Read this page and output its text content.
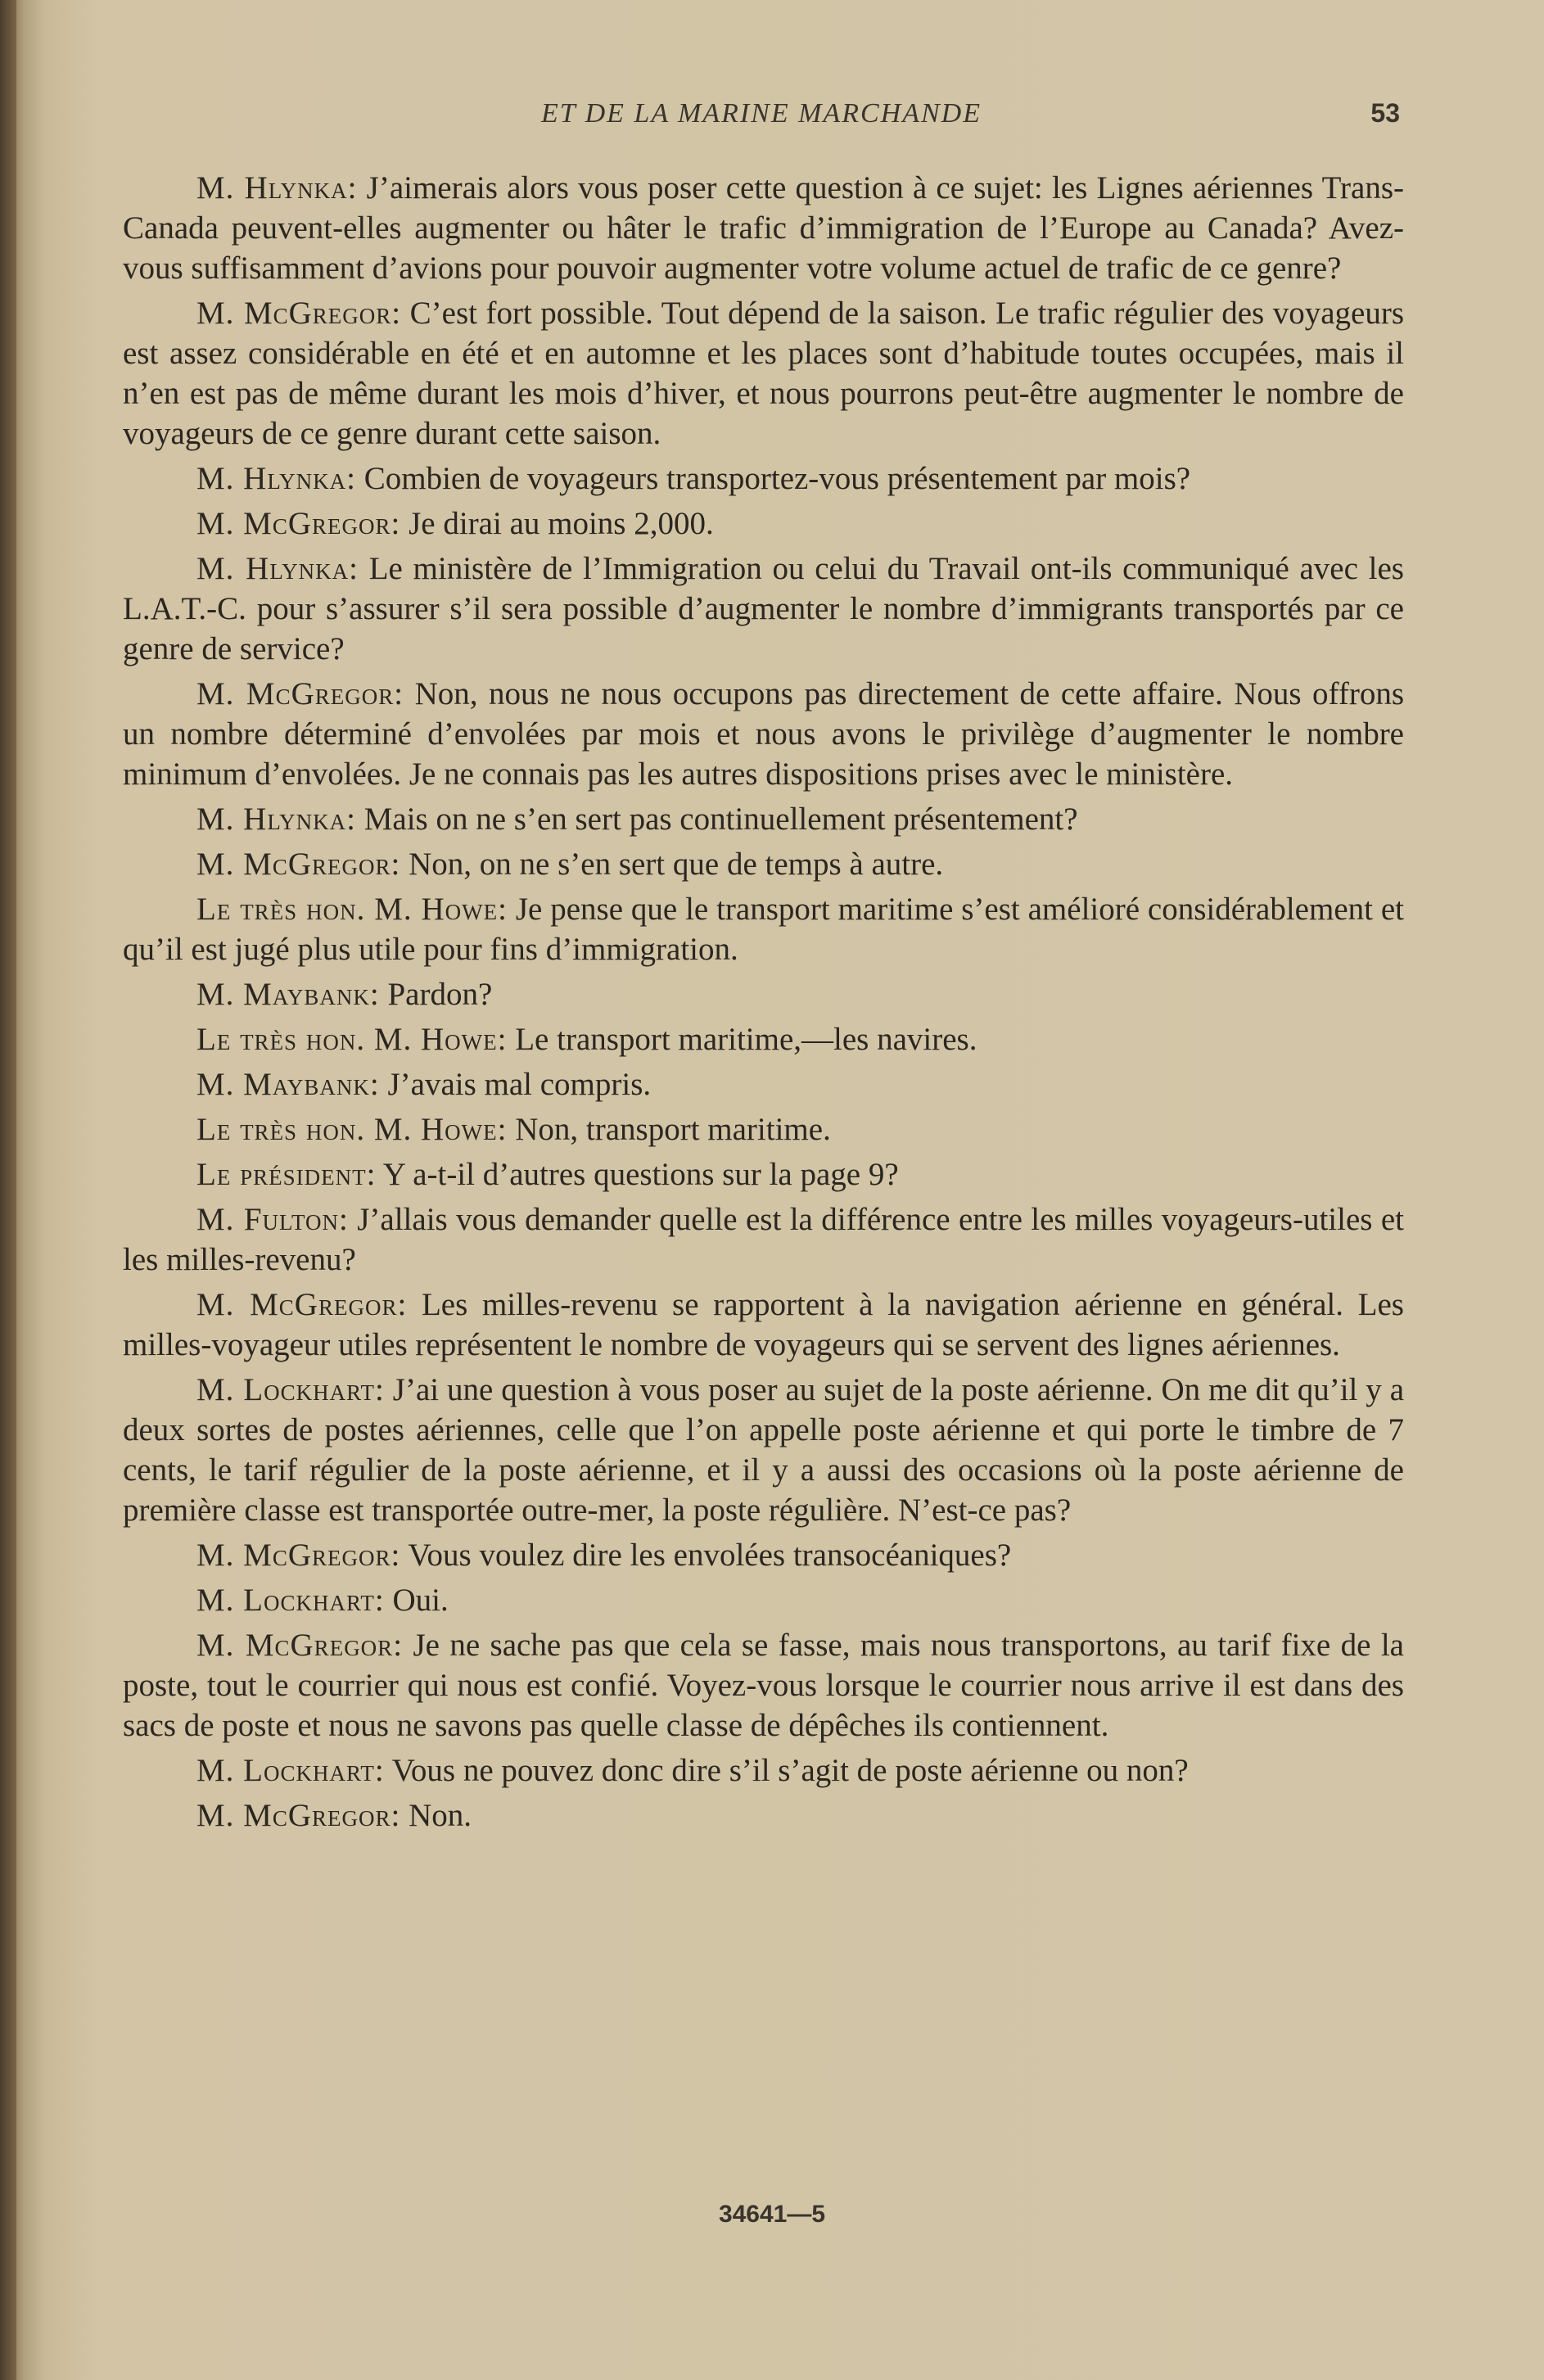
ET DE LA MARINE MARCHANDE	53

M. Hlynka: J’aimerais alors vous poser cette question à ce sujet: les Lignes aériennes Trans-Canada peuvent-elles augmenter ou hâter le trafic d’immigration de l’Europe au Canada? Avez-vous suffisamment d’avions pour pouvoir augmenter votre volume actuel de trafic de ce genre?

M. McGregor: C’est fort possible. Tout dépend de la saison. Le trafic régulier des voyageurs est assez considérable en été et en automne et les places sont d’habitude toutes occupées, mais il n’en est pas de même durant les mois d’hiver, et nous pourrons peut-être augmenter le nombre de voyageurs de ce genre durant cette saison.

M. Hlynka: Combien de voyageurs transportez-vous présentement par mois?

M. McGregor: Je dirai au moins 2,000.

M. Hlynka: Le ministère de l’Immigration ou celui du Travail ont-ils communiqué avec les L.A.T.-C. pour s’assurer s’il sera possible d’augmenter le nombre d’immigrants transportés par ce genre de service?

M. McGregor: Non, nous ne nous occupons pas directement de cette affaire. Nous offrons un nombre déterminé d’envolées par mois et nous avons le privilège d’augmenter le nombre minimum d’envolées. Je ne connais pas les autres dispositions prises avec le ministère.

M. Hlynka: Mais on ne s’en sert pas continuellement présentement?

M. McGregor: Non, on ne s’en sert que de temps à autre.

Le très hon. M. Howe: Je pense que le transport maritime s’est amélioré considérablement et qu’il est jugé plus utile pour fins d’immigration.

M. Maybank: Pardon?

Le très hon. M. Howe: Le transport maritime,—les navires.

M. Maybank: J’avais mal compris.

Le très hon. M. Howe: Non, transport maritime.

Le président: Y a-t-il d’autres questions sur la page 9?

M. Fulton: J’allais vous demander quelle est la différence entre les milles voyageurs-utiles et les milles-revenu?

M. McGregor: Les milles-revenu se rapportent à la navigation aérienne en général. Les milles-voyageur utiles représentent le nombre de voyageurs qui se servent des lignes aériennes.

M. Lockhart: J’ai une question à vous poser au sujet de la poste aérienne. On me dit qu’il y a deux sortes de postes aériennes, celle que l’on appelle poste aérienne et qui porte le timbre de 7 cents, le tarif régulier de la poste aérienne, et il y a aussi des occasions où la poste aérienne de première classe est transportée outre-mer, la poste régulière. N’est-ce pas?

M. McGregor: Vous voulez dire les envolées transocéaniques?

M. Lockhart: Oui.

M. McGregor: Je ne sache pas que cela se fasse, mais nous transportons, au tarif fixe de la poste, tout le courrier qui nous est confié. Voyez-vous lorsque le courrier nous arrive il est dans des sacs de poste et nous ne savons pas quelle classe de dépêches ils contiennent.

M. Lockhart: Vous ne pouvez donc dire s’il s’agit de poste aérienne ou non?

M. McGregor: Non.

34641—5
